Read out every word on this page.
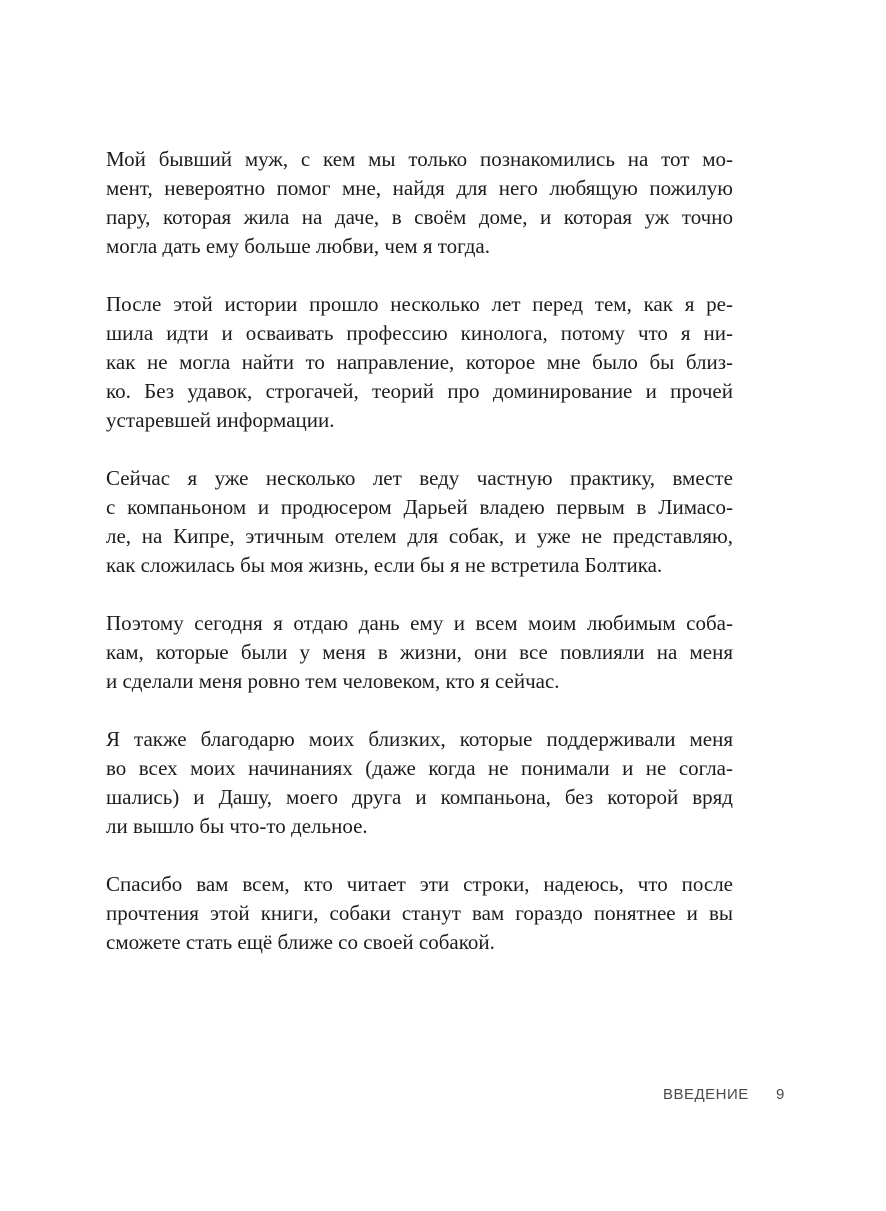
Мой бывший муж, с кем мы только познакомились на тот мо-
мент, невероятно помог мне, найдя для него любящую пожилую
пару, которая жила на даче, в своём доме, и которая уж точно
могла дать ему больше любви, чем я тогда.

После этой истории прошло несколько лет перед тем, как я ре-
шила идти и осваивать профессию кинолога, потому что я ни-
как не могла найти то направление, которое мне было бы близ-
ко. Без удавок, строгачей, теорий про доминирование и прочей
устаревшей информации.

Сейчас я уже несколько лет веду частную практику, вместе
с компаньоном и продюсером Дарьей владею первым в Лимасо-
ле, на Кипре, этичным отелем для собак, и уже не представляю,
как сложилась бы моя жизнь, если бы я не встретила Болтика.

Поэтому сегодня я отдаю дань ему и всем моим любимым соба-
кам, которые были у меня в жизни, они все повлияли на меня
и сделали меня ровно тем человеком, кто я сейчас.

Я также благодарю моих близких, которые поддерживали меня
во всех моих начинаниях (даже когда не понимали и не согла-
шались) и Дашу, моего друга и компаньона, без которой вряд
ли вышло бы что-то дельное.

Спасибо вам всем, кто читает эти строки, надеюсь, что после
прочтения этой книги, собаки станут вам гораздо понятнее и вы
сможете стать ещё ближе со своей собакой.

ВВЕДЕНИЕ 9
